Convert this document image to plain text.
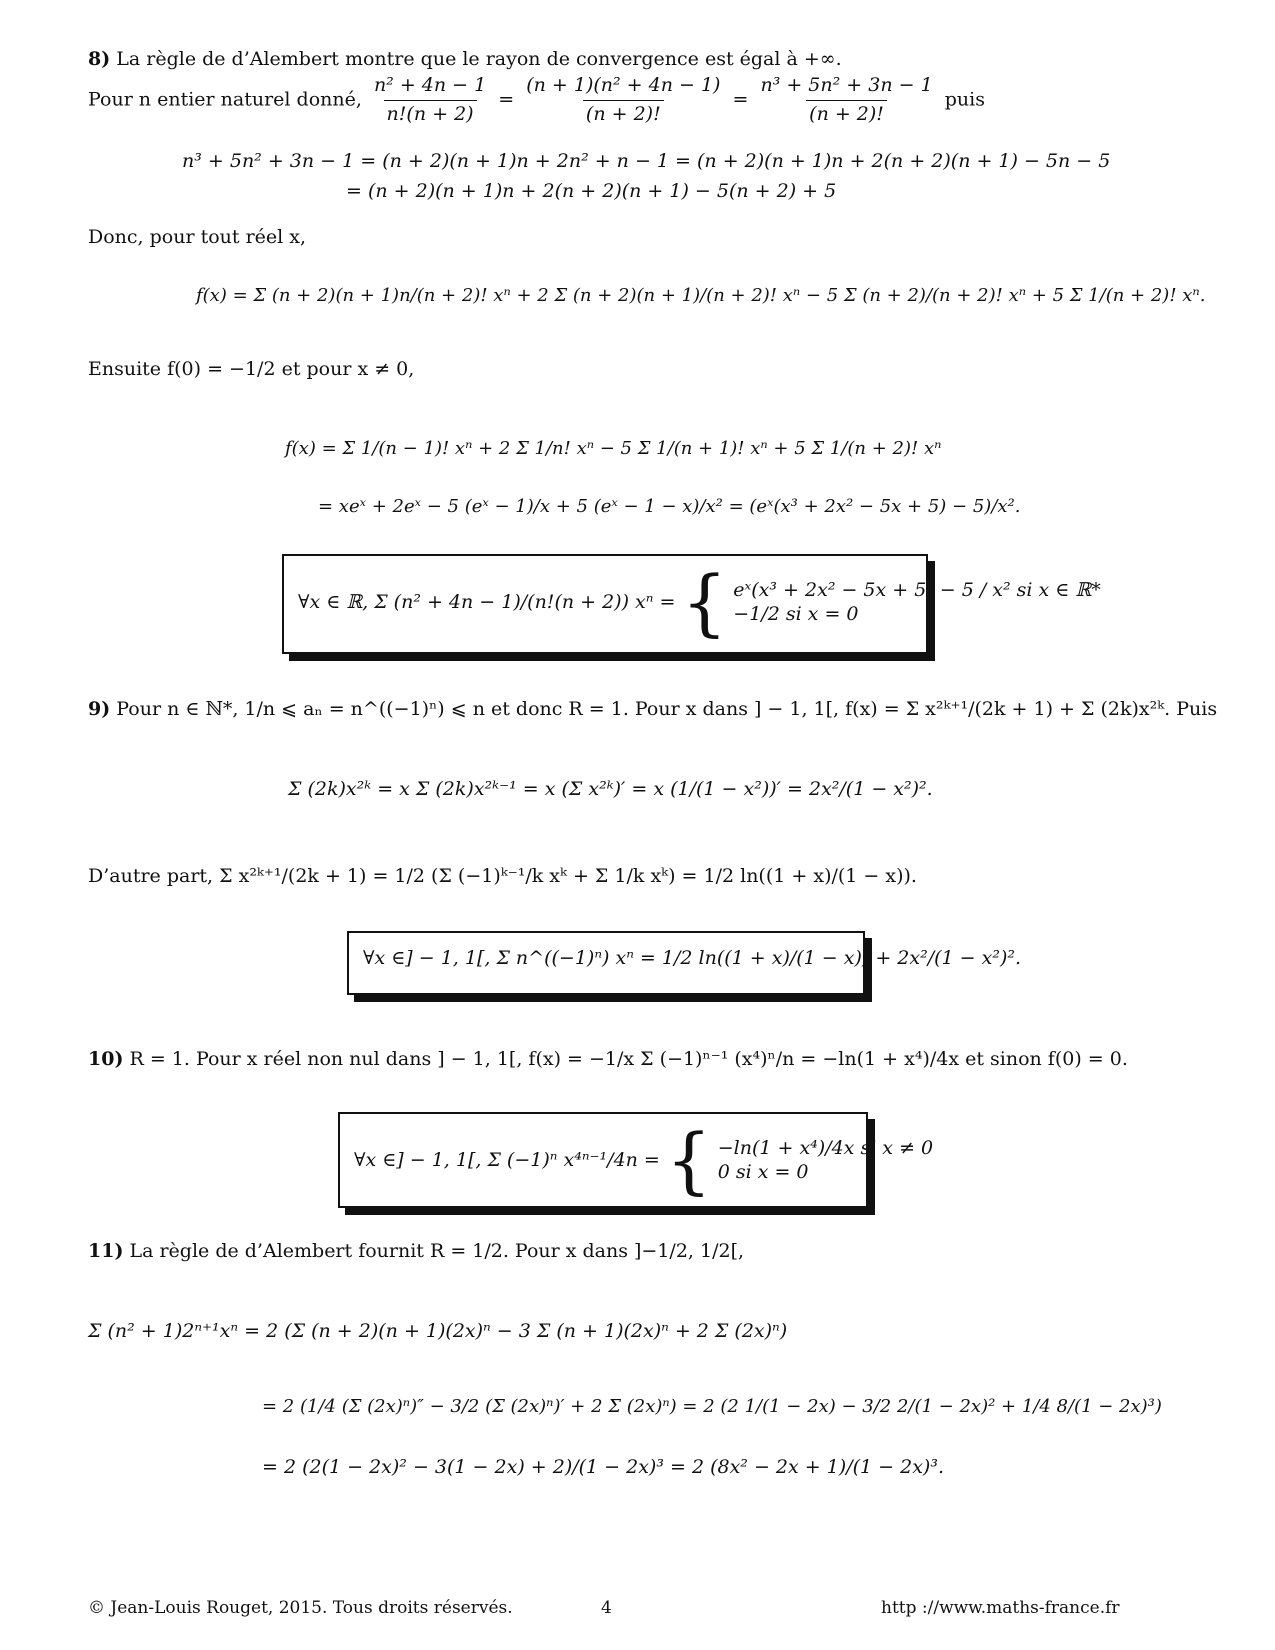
8) La règle de d’Alembert montre que le rayon de convergence est égal à +∞.
Pour n entier naturel donné, $\frac{\text{n² + 4n − 1}}{n!(n + 2)} = \frac{\text{(n + 1)(n² + 4n − 1)}}{(n + 2)!} = \frac{\text{n³ + 5n² + 3n − 1}}{(n + 2)!}$ puis
n³ + 5n² + 3n − 1 = (n + 2)(n + 1)n + 2n² + n − 1 = (n + 2)(n + 1)n + 2(n + 2)(n + 1) − 5n − 5
= (n + 2)(n + 1)n + 2(n + 2)(n + 1) − 5(n + 2) + 5
Donc, pour tout réel x,
f(x) = Σ (n + 2)(n + 1)n/(n + 2)! xⁿ + 2 Σ (n + 2)(n + 1)/(n + 2)! xⁿ − 5 Σ (n + 2)/(n + 2)! xⁿ + 5 Σ 1/(n + 2)! xⁿ.
Ensuite f(0) = −1/2 et pour x ≠ 0,
f(x) = Σ 1/(n − 1)! xⁿ + 2 Σ 1/n! xⁿ − 5 Σ 1/(n + 1)! xⁿ + 5 Σ 1/(n + 2)! xⁿ
= xeˣ + 2eˣ − 5 (eˣ − 1)/x + 5 (eˣ − 1 − x)/x² = (eˣ(x³ + 2x² − 5x + 5) − 5)/x².
∀x ∈ ℝ, Σ (n² + 4n − 1)/(n!(n + 2)) xⁿ = { eˣ(x³ + 2x² − 5x + 5) − 5 / x² si x ∈ ℝ*
−1/2 si x = 0
9) Pour n ∈ ℕ*, 1/n ⩽ aₙ = n^((−1)ⁿ) ⩽ n et donc R = 1. Pour x dans ] − 1, 1[, f(x) = Σ x²ᵏ⁺¹/(2k + 1) + Σ (2k)x²ᵏ. Puis
Σ (2k)x²ᵏ = x Σ (2k)x²ᵏ⁻¹ = x (Σ x²ᵏ)′ = x (1/(1 − x²))′ = 2x²/(1 − x²)².
D’autre part, Σ x²ᵏ⁺¹/(2k + 1) = 1/2 (Σ (−1)ᵏ⁻¹/k xᵏ + Σ 1/k xᵏ) = 1/2 ln((1 + x)/(1 − x)).
∀x ∈] − 1, 1[, Σ n^((−1)ⁿ) xⁿ = 1/2 ln((1 + x)/(1 − x)) + 2x²/(1 − x²)².
10) R = 1. Pour x réel non nul dans ] − 1, 1[, f(x) = −1/x Σ (−1)ⁿ⁻¹ (x⁴)ⁿ/n = −ln(1 + x⁴)/4x et sinon f(0) = 0.
∀x ∈] − 1, 1[, Σ (−1)ⁿ x⁴ⁿ⁻¹/4n = { −ln(1 + x⁴)/4x si x ≠ 0
0 si x = 0
11) La règle de d’Alembert fournit R = 1/2. Pour x dans ]−1/2, 1/2[,
Σ (n² + 1)2ⁿ⁺¹xⁿ = 2 (Σ (n + 2)(n + 1)(2x)ⁿ − 3 Σ (n + 1)(2x)ⁿ + 2 Σ (2x)ⁿ)
= 2 (1/4 (Σ (2x)ⁿ)″ − 3/2 (Σ (2x)ⁿ)′ + 2 Σ (2x)ⁿ) = 2 (2 1/(1 − 2x) − 3/2 2/(1 − 2x)² + 1/4 8/(1 − 2x)³)
= 2 (2(1 − 2x)² − 3(1 − 2x) + 2)/(1 − 2x)³ = 2 (8x² − 2x + 1)/(1 − 2x)³.
© Jean-Louis Rouget, 2015. Tous droits réservés.	4	http ://www.maths-france.fr
